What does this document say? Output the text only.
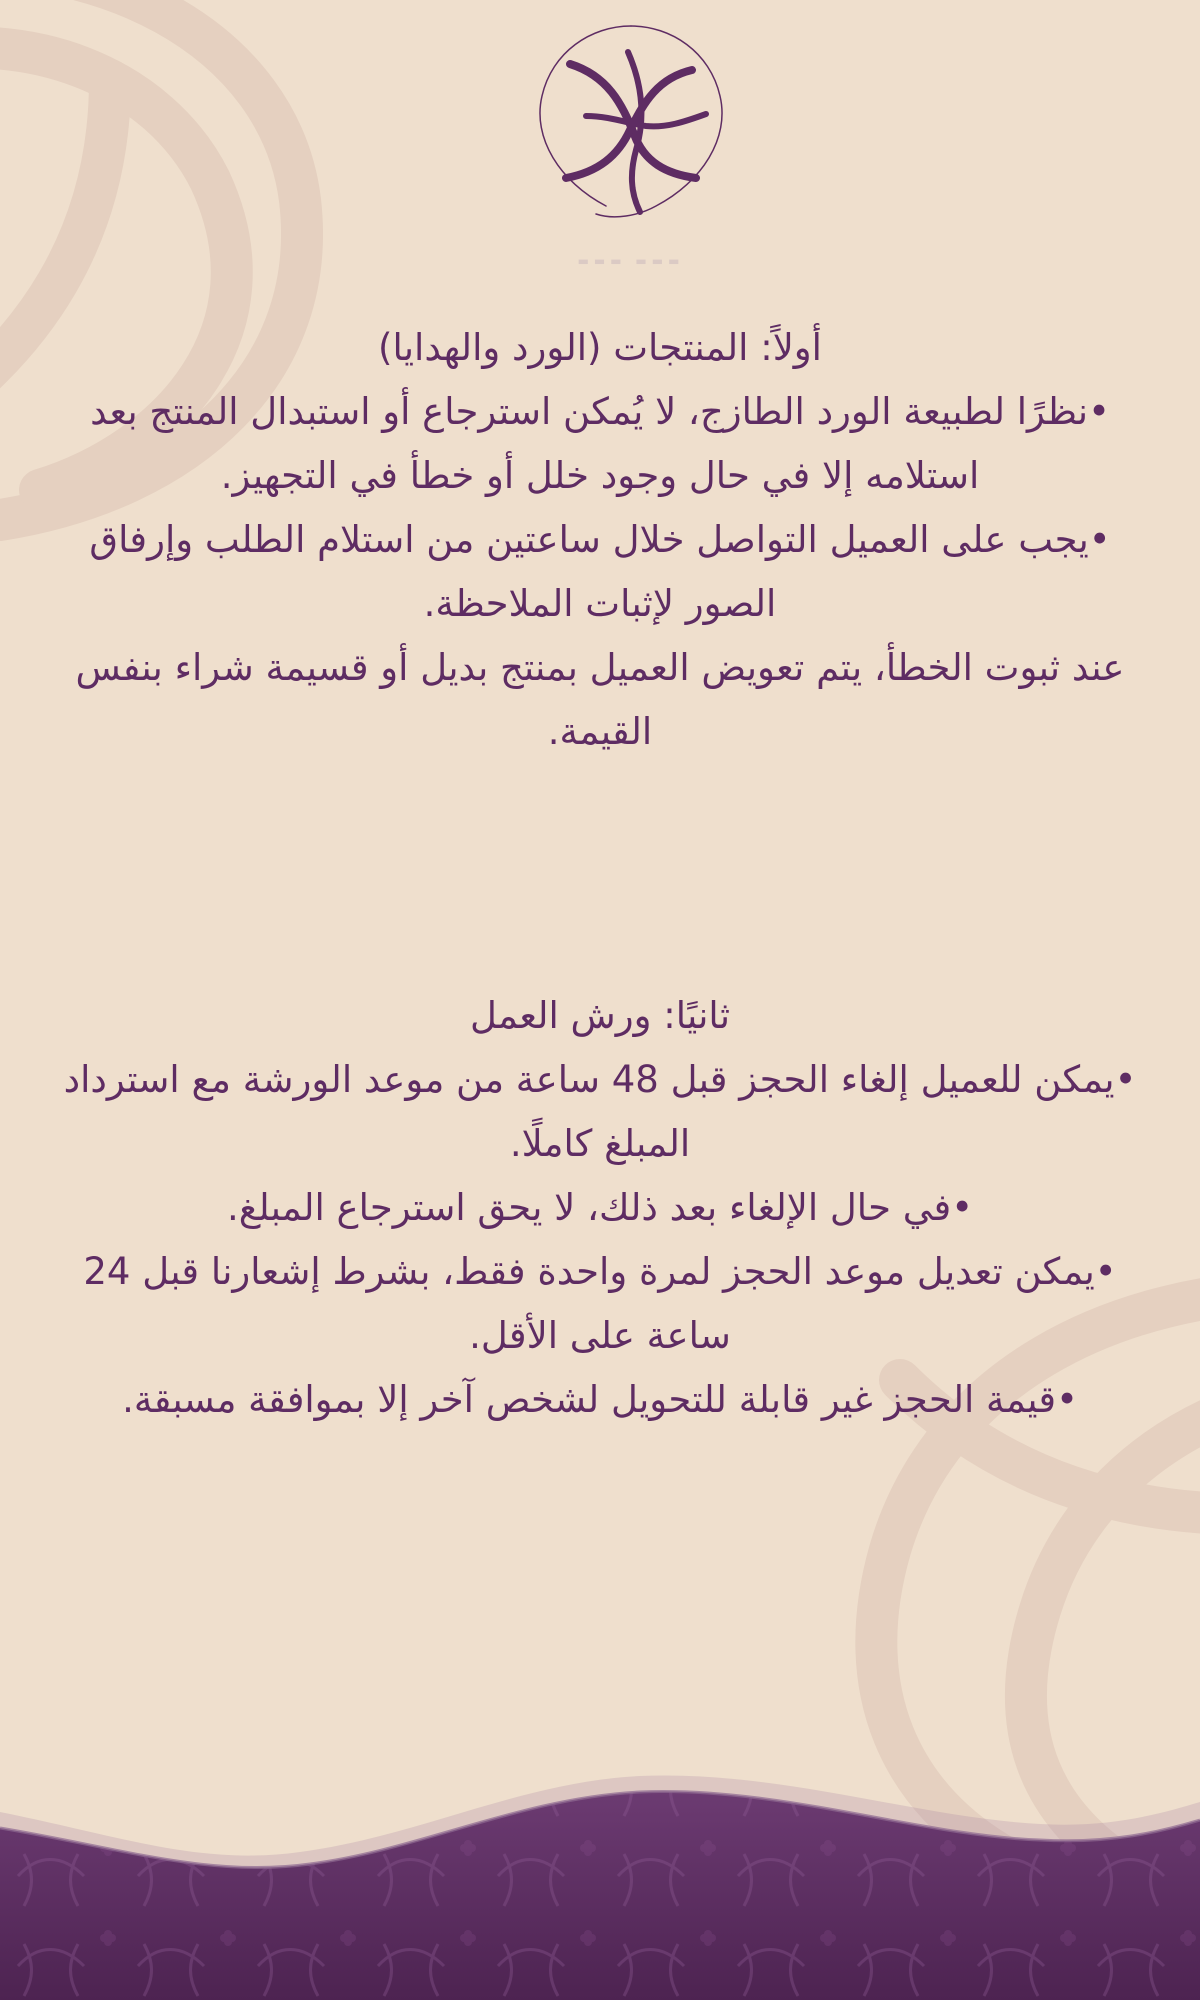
▬▬▬ ▬▬▬
أولاً: المنتجات (الورد والهدايا)

•نظرًا لطبيعة الورد الطازج، لا يُمكن استرجاع أو استبدال المنتج بعد

استلامه إلا في حال وجود خلل أو خطأ في التجهيز.

•يجب على العميل التواصل خلال ساعتين من استلام الطلب وإرفاق

الصور لإثبات الملاحظة.

عند ثبوت الخطأ، يتم تعويض العميل بمنتج بديل أو قسيمة شراء بنفس

القيمة.

ثانيًا: ورش العمل

•يمكن للعميل إلغاء الحجز قبل 48 ساعة من موعد الورشة مع استرداد

المبلغ كاملًا.

•في حال الإلغاء بعد ذلك، لا يحق استرجاع المبلغ.

•يمكن تعديل موعد الحجز لمرة واحدة فقط، بشرط إشعارنا قبل 24

ساعة على الأقل.

•قيمة الحجز غير قابلة للتحويل لشخص آخر إلا بموافقة مسبقة.
